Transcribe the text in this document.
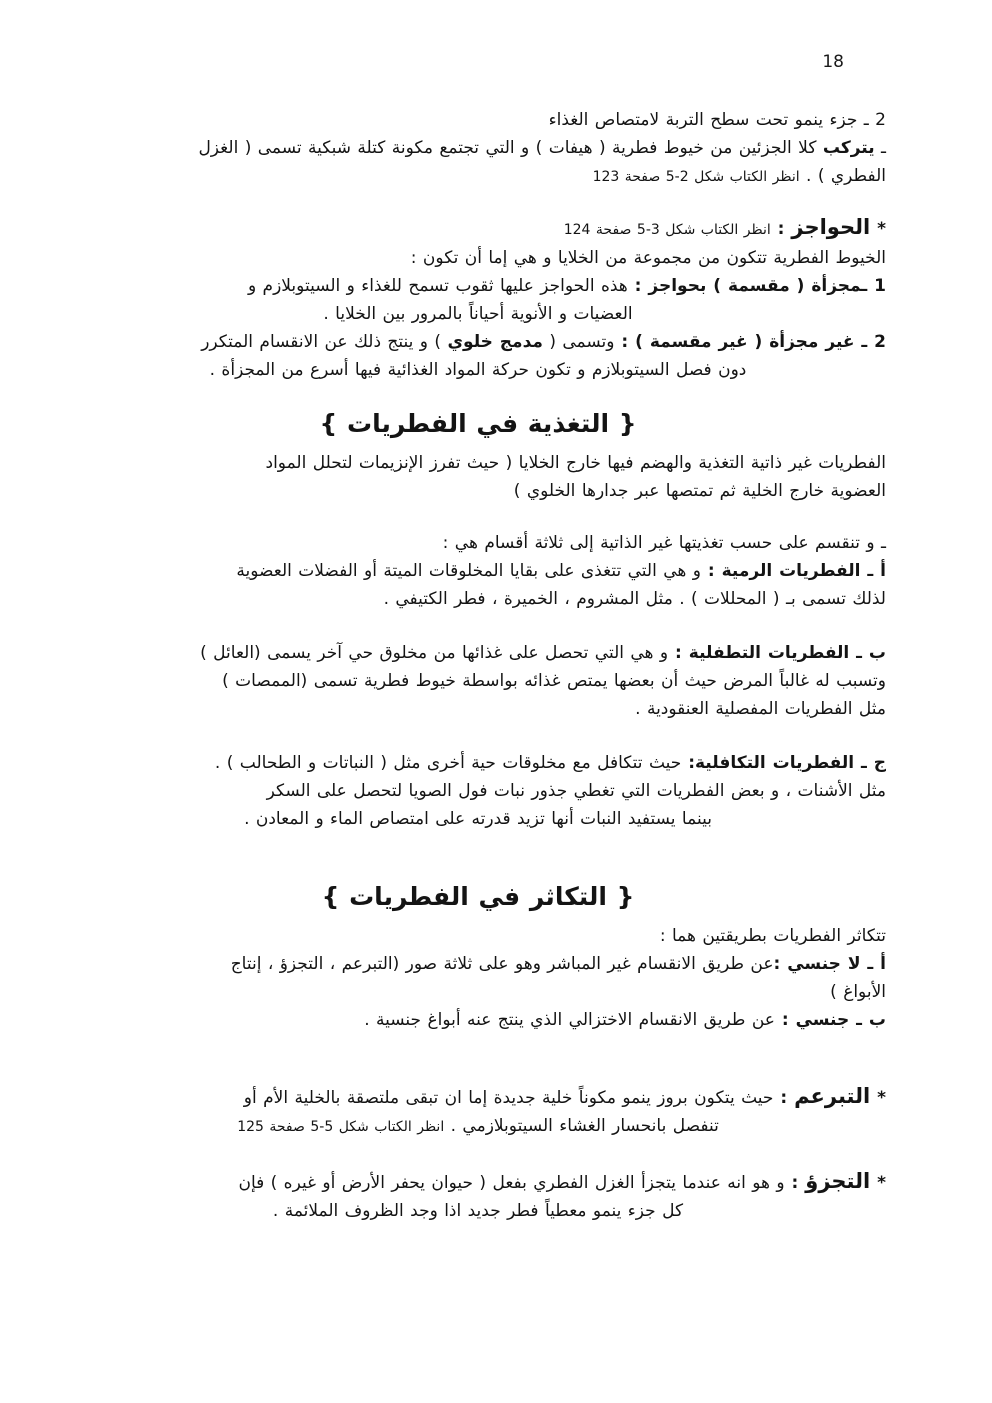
18
2 ـ جزء ينمو تحت سطح التربة لامتصاص الغذاء
ـ يتركب كلا الجزئين من خيوط فطرية ( هيفات ) و التي تجتمع مكونة كتلة شبكية تسمى ( الغزل
الفطري ) . انظر الكتاب شكل 2-5 صفحة 123
* الحواجز : انظر الكتاب شكل 3-5 صفحة 124
الخيوط الفطرية تتكون من مجموعة من الخلايا و هي إما أن تكون :
1 ـمجزأة ( مقسمة ) بحواجز : هذه الحواجز عليها ثقوب تسمح للغذاء و السيتوبلازم و
العضيات و الأنوية أحياناً بالمرور بين الخلايا .
2 ـ غير مجزأة ( غير مقسمة ) : وتسمى ( مدمج خلوي ) و ينتج ذلك عن الانقسام المتكرر
دون فصل السيتوبلازم و تكون حركة المواد الغذائية فيها أسرع من المجزأة .
{ التغذية في الفطريات }
الفطريات غير ذاتية التغذية والهضم فيها خارج الخلايا ( حيث تفرز الإنزيمات لتحلل المواد
العضوية خارج الخلية ثم تمتصها عبر جدارها الخلوي )
ـ و تنقسم على حسب تغذيتها غير الذاتية إلى ثلاثة أقسام هي :
أ ـ الفطريات الرمية : و هي التي تتغذى على بقايا المخلوقات الميتة أو الفضلات العضوية
لذلك تسمى بـ ( المحللات ) . مثل المشروم ، الخميرة ، فطر الكتيفي .
ب ـ الفطريات التطفلية : و هي التي تحصل على غذائها من مخلوق حي آخر يسمى (العائل )
وتسبب له غالباً المرض حيث أن بعضها يمتص غذائه بواسطة خيوط فطرية تسمى (الممصات )
مثل الفطريات المفصلية العنقودية .
ج ـ الفطريات التكافلية: حيث تتكافل مع مخلوقات حية أخرى مثل ( النباتات و الطحالب ) .
مثل الأشنات ، و بعض الفطريات التي تغطي جذور نبات فول الصويا لتحصل على السكر
بينما يستفيد النبات أنها تزيد قدرته على امتصاص الماء و المعادن .
{ التكاثر في الفطريات }
تتكاثر الفطريات بطريقتين هما :
أ ـ لا جنسي :عن طريق الانقسام غير المباشر وهو على ثلاثة صور (التبرعم ، التجزؤ ، إنتاج
الأبواغ )
ب ـ جنسي : عن طريق الانقسام الاختزالي الذي ينتج عنه أبواغ جنسية .
* التبرعم : حيث يتكون بروز ينمو مكوناً خلية جديدة إما ان تبقى ملتصقة بالخلية الأم أو
تنفصل بانحسار الغشاء السيتوبلازمي . انظر الكتاب شكل 5-5 صفحة 125
* التجزؤ : و هو انه عندما يتجزأ الغزل الفطري بفعل ( حيوان يحفر الأرض أو غيره ) فإن
كل جزء ينمو معطياً فطر جديد اذا وجد الظروف الملائمة .
